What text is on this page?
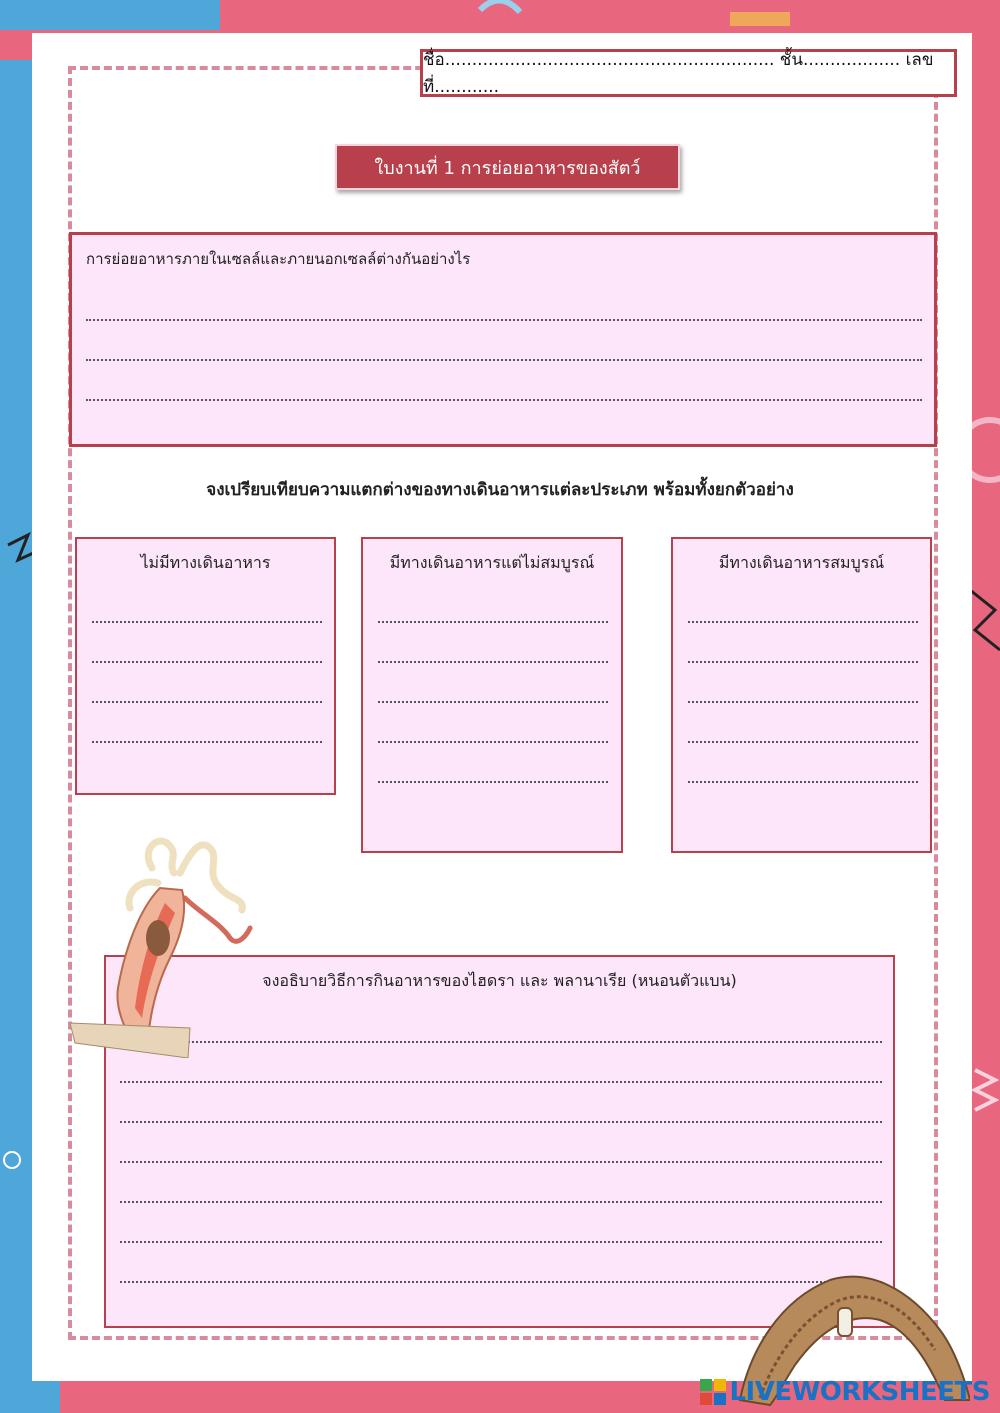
ชื่อ............................................................. ชั้น.................. เลขที่............
ใบงานที่ 1 การย่อยอาหารของสัตว์
การย่อยอาหารภายในเซลล์และภายนอกเซลล์ต่างกันอย่างไร
จงเปรียบเทียบความแตกต่างของทางเดินอาหารแต่ละประเภท พร้อมทั้งยกตัวอย่าง
ไม่มีทางเดินอาหาร	มีทางเดินอาหารแต่ไม่สมบูรณ์	มีทางเดินอาหารสมบูรณ์
จงอธิบายวิธีการกินอาหารของไฮดรา และ พลานาเรีย (หนอนตัวแบน)
LIVEWORKSHEETS
